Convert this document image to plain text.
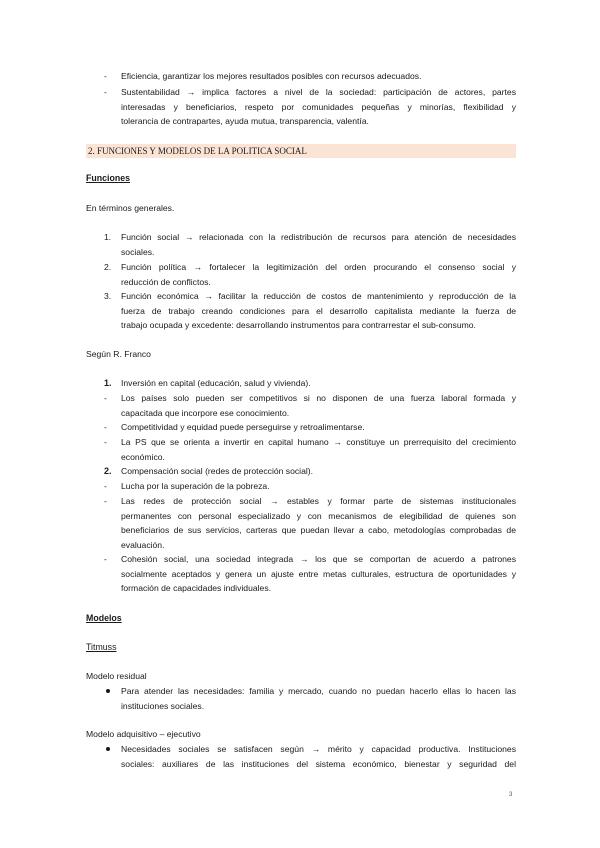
- Eficiencia, garantizar los mejores resultados posibles con recursos adecuados.
- Sustentabilidad → implica factores a nivel de la sociedad: participación de actores, partes
interesadas y beneficiarios, respeto por comunidades pequeñas y minorías, flexibilidad y
tolerancia de contrapartes, ayuda mutua, transparencia, valentía.
2. FUNCIONES Y MODELOS DE LA POLITICA SOCIAL
Funciones
En términos generales.
1. Función social → relacionada con la redistribución de recursos para atención de necesidades
sociales.
2. Función política → fortalecer la legitimización del orden procurando el consenso social y
reducción de conflictos.
3. Función económica → facilitar la reducción de costos de mantenimiento y reproducción de la
fuerza de trabajo creando condiciones para el desarrollo capitalista mediante la fuerza de
trabajo ocupada y excedente: desarrollando instrumentos para contrarrestar el sub-consumo.
Según R. Franco
1. Inversión en capital (educación, salud y vivienda).
- Los países solo pueden ser competitivos si no disponen de una fuerza laboral formada y
capacitada que incorpore ese conocimiento.
- Competitividad y equidad puede perseguirse y retroalimentarse.
- La PS que se orienta a invertir en capital humano → constituye un prerrequisito del crecimiento
económico.
2. Compensación social (redes de protección social).
- Lucha por la superación de la pobreza.
- Las redes de protección social → estables y formar parte de sistemas institucionales
permanentes con personal especializado y con mecanismos de elegibilidad de quienes son
beneficiarios de sus servicios, carteras que puedan llevar a cabo, metodologías comprobadas de
evaluación.
- Cohesión social, una sociedad integrada → los que se comportan de acuerdo a patrones
socialmente aceptados y genera un ajuste entre metas culturales, estructura de oportunidades y
formación de capacidades individuales.
Modelos
Titmuss
Modelo residual
Para atender las necesidades: familia y mercado, cuando no puedan hacerlo ellas lo hacen las
instituciones sociales.
Modelo adquisitivo – ejecutivo
Necesidades sociales se satisfacen según → mérito y capacidad productiva. Instituciones
sociales: auxiliares de las instituciones del sistema económico, bienestar y seguridad del
3
